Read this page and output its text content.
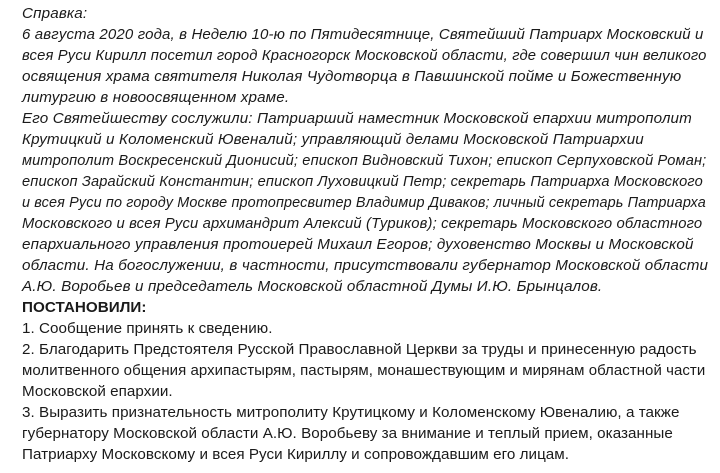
Справка:
6 августа 2020 года, в Неделю 10-ю по Пятидесятнице, Святейший Патриарх Московский и
всея Руси Кирилл посетил город Красногорск Московской области, где совершил чин великого
освящения храма святителя Николая Чудотворца в Павшинской пойме и Божественную
литургию в новоосвященном храме.
Его Святейшеству сослужили: Патриарший наместник Московской епархии митрополит
Крутицкий и Коломенский Ювеналий; управляющий делами Московской Патриархии
митрополит Воскресенский Дионисий; епископ Видновский Тихон; епископ Серпуховской Роман;
епископ Зарайский Константин; епископ Луховицкий Петр; секретарь Патриарха Московского
и всея Руси по городу Москве протопресвитер Владимир Диваков; личный секретарь Патриарха
Московского и всея Руси архимандрит Алексий (Туриков); секретарь Московского областного
епархиального управления протоиерей Михаил Егоров; духовенство Москвы и Московской
области. На богослужении, в частности, присутствовали губернатор Московской области
А.Ю. Воробьев и председатель Московской областной Думы И.Ю. Брынцалов.
ПОСТАНОВИЛИ:
1. Сообщение принять к сведению.
2. Благодарить Предстоятеля Русской Православной Церкви за труды и принесенную радость
молитвенного общения архипастырям, пастырям, монашествующим и мирянам областной части
Московской епархии.
3. Выразить признательность митрополиту Крутицкому и Коломенскому Ювеналию, а также
губернатору Московской области А.Ю. Воробьеву за внимание и теплый прием, оказанные
Патриарху Московскому и всея Руси Кириллу и сопровождавшим его лицам.
